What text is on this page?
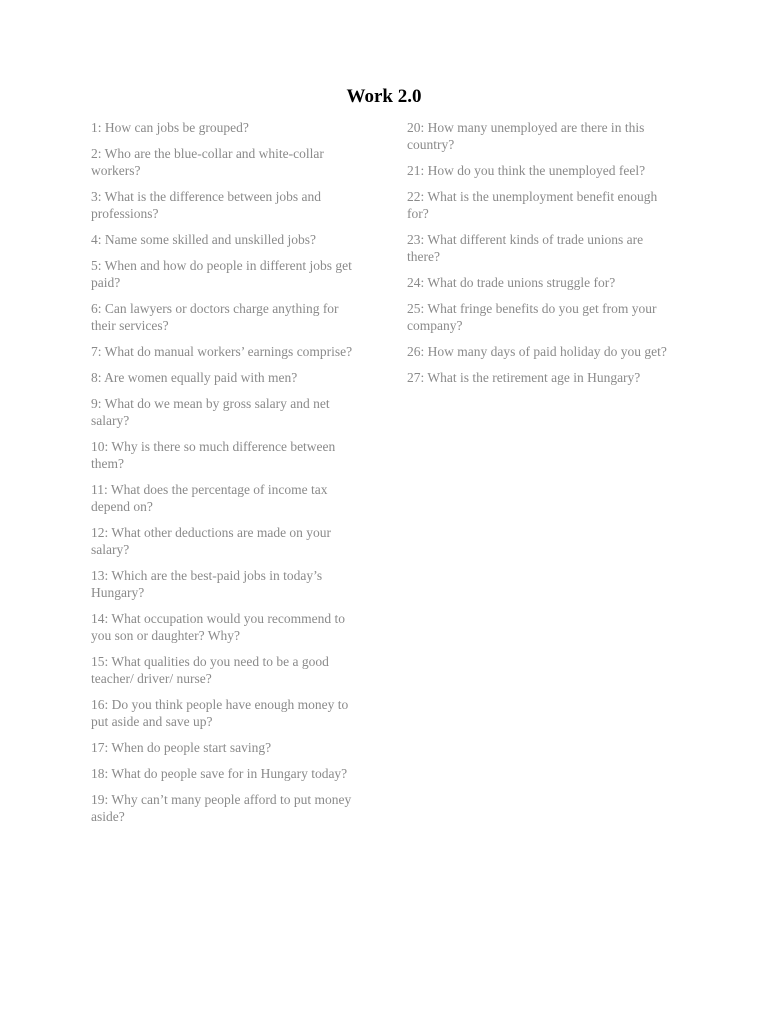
Work 2.0
1: How can jobs be grouped?
2: Who are the blue-collar and white-collar workers?
3: What is the difference between jobs and professions?
4: Name some skilled and unskilled jobs?
5: When and how do people in different jobs get paid?
6: Can lawyers or doctors charge anything for their services?
7: What do manual workers’ earnings comprise?
8: Are women equally paid with men?
9: What do we mean by gross salary and net salary?
10: Why is there so much difference between them?
11: What does the percentage of income tax depend on?
12: What other deductions are made on your salary?
13: Which are the best-paid jobs in today’s Hungary?
14: What occupation would you recommend to you son or daughter? Why?
15: What qualities do you need to be a good teacher/ driver/ nurse?
16: Do you think people have enough money to put aside and save up?
17: When do people start saving?
18: What do people save for in Hungary today?
19: Why can’t many people afford to put money aside?
20: How many unemployed are there in this country?
21: How do you think the unemployed feel?
22: What is the unemployment benefit enough for?
23: What different kinds of trade unions are there?
24: What do trade unions struggle for?
25: What fringe benefits do you get from your company?
26: How many days of paid holiday do you get?
27: What is the retirement age in Hungary?
